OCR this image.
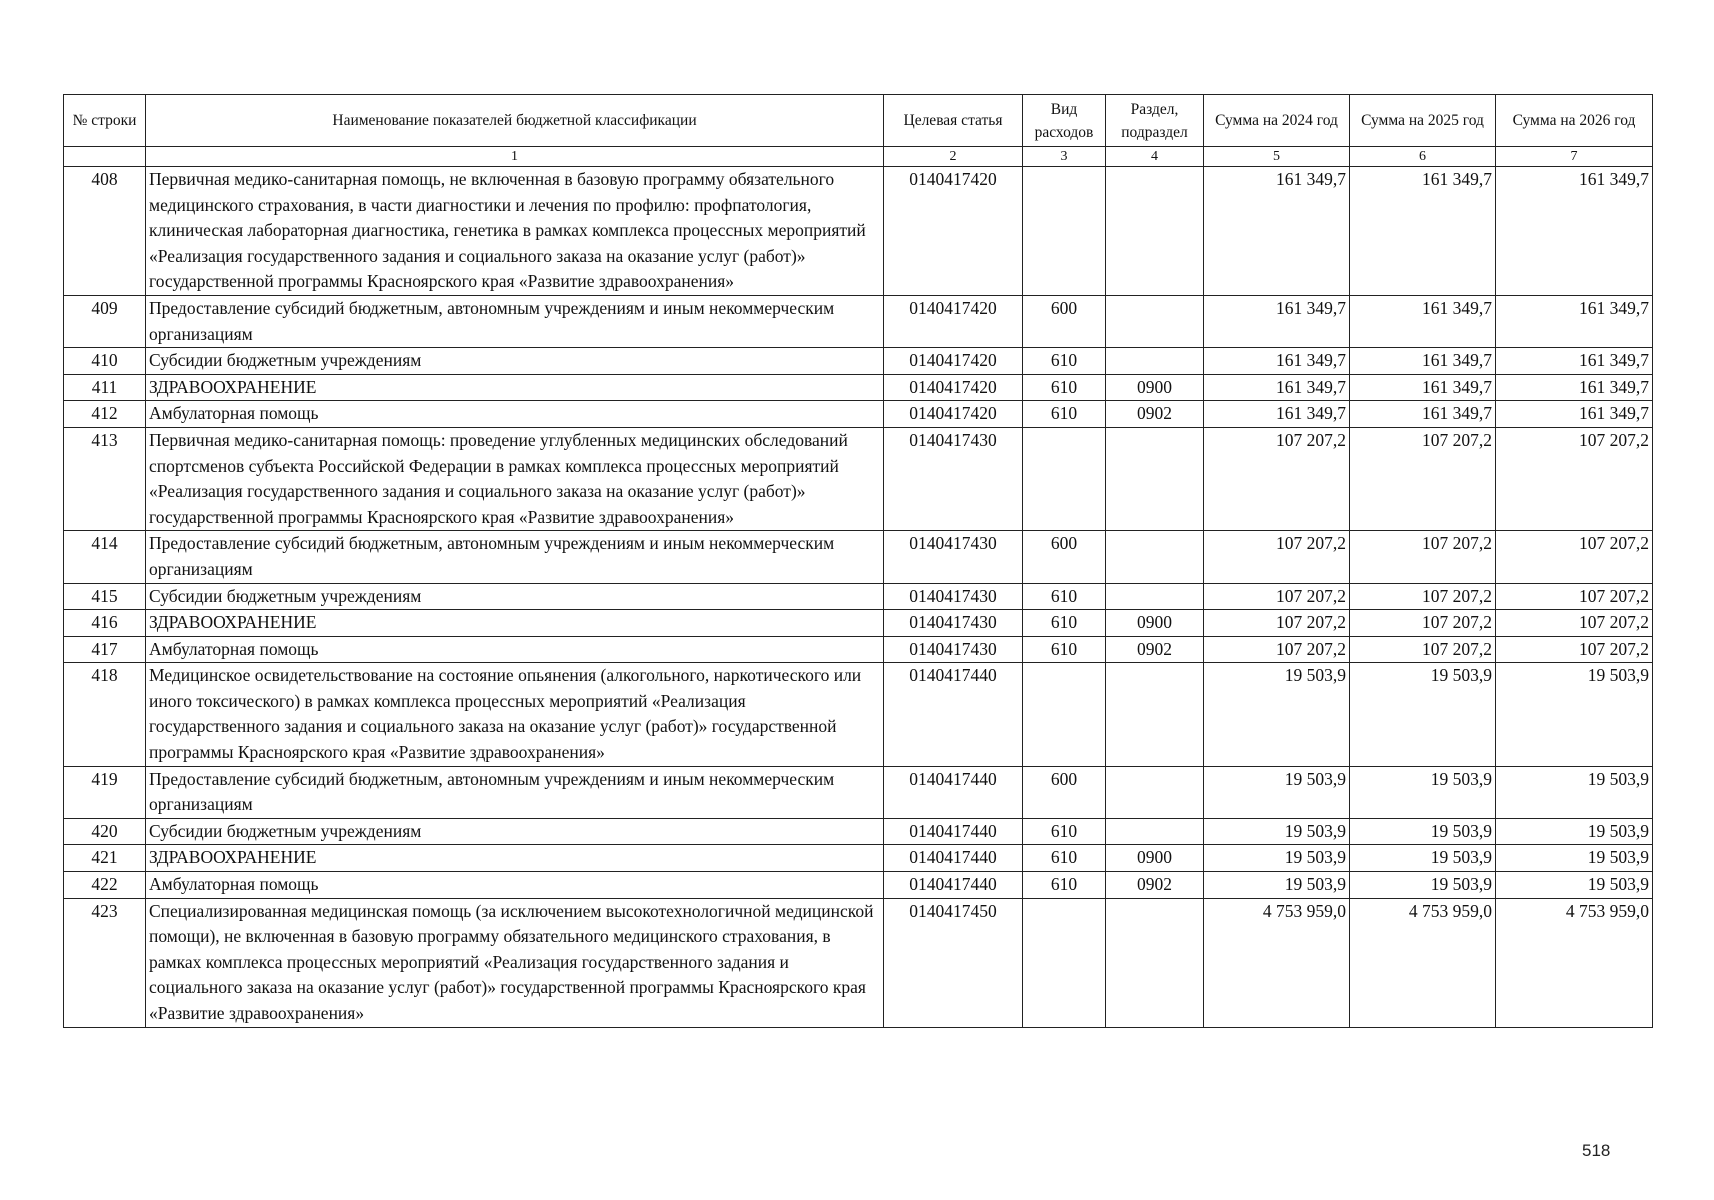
№ строки	Наименование показателей бюджетной классификации	Целевая статья	Вид расходов	Раздел, подраздел	Сумма на 2024 год	Сумма на 2025 год	Сумма на 2026 год
	1	2	3	4	5	6	7
408	Первичная медико-санитарная помощь, не включенная в базовую программу обязательного медицинского страхования, в части диагностики и лечения по профилю: профпатология, клиническая лабораторная диагностика, генетика в рамках комплекса процессных мероприятий «Реализация государственного задания и социального заказа на оказание услуг (работ)» государственной программы Красноярского края «Развитие здравоохранения»	0140417420			161 349,7	161 349,7	161 349,7
409	Предоставление субсидий бюджетным, автономным учреждениям и иным некоммерческим организациям	0140417420	600		161 349,7	161 349,7	161 349,7
410	Субсидии бюджетным учреждениям	0140417420	610		161 349,7	161 349,7	161 349,7
411	ЗДРАВООХРАНЕНИЕ	0140417420	610	0900	161 349,7	161 349,7	161 349,7
412	Амбулаторная помощь	0140417420	610	0902	161 349,7	161 349,7	161 349,7
413	Первичная медико-санитарная помощь: проведение углубленных медицинских обследований спортсменов субъекта Российской Федерации в рамках комплекса процессных мероприятий «Реализация государственного задания и социального заказа на оказание услуг (работ)» государственной программы Красноярского края «Развитие здравоохранения»	0140417430			107 207,2	107 207,2	107 207,2
414	Предоставление субсидий бюджетным, автономным учреждениям и иным некоммерческим организациям	0140417430	600		107 207,2	107 207,2	107 207,2
415	Субсидии бюджетным учреждениям	0140417430	610		107 207,2	107 207,2	107 207,2
416	ЗДРАВООХРАНЕНИЕ	0140417430	610	0900	107 207,2	107 207,2	107 207,2
417	Амбулаторная помощь	0140417430	610	0902	107 207,2	107 207,2	107 207,2
418	Медицинское освидетельствование на состояние опьянения (алкогольного, наркотического или иного токсического) в рамках комплекса процессных мероприятий «Реализация государственного задания и социального заказа на оказание услуг (работ)» государственной программы Красноярского края «Развитие здравоохранения»	0140417440			19 503,9	19 503,9	19 503,9
419	Предоставление субсидий бюджетным, автономным учреждениям и иным некоммерческим организациям	0140417440	600		19 503,9	19 503,9	19 503,9
420	Субсидии бюджетным учреждениям	0140417440	610		19 503,9	19 503,9	19 503,9
421	ЗДРАВООХРАНЕНИЕ	0140417440	610	0900	19 503,9	19 503,9	19 503,9
422	Амбулаторная помощь	0140417440	610	0902	19 503,9	19 503,9	19 503,9
423	Специализированная медицинская помощь (за исключением высокотехнологичной медицинской помощи), не включенная в базовую программу обязательного медицинского страхования, в рамках комплекса процессных мероприятий «Реализация государственного задания и социального заказа на оказание услуг (работ)» государственной программы Красноярского края «Развитие здравоохранения»	0140417450			4 753 959,0	4 753 959,0	4 753 959,0
518
